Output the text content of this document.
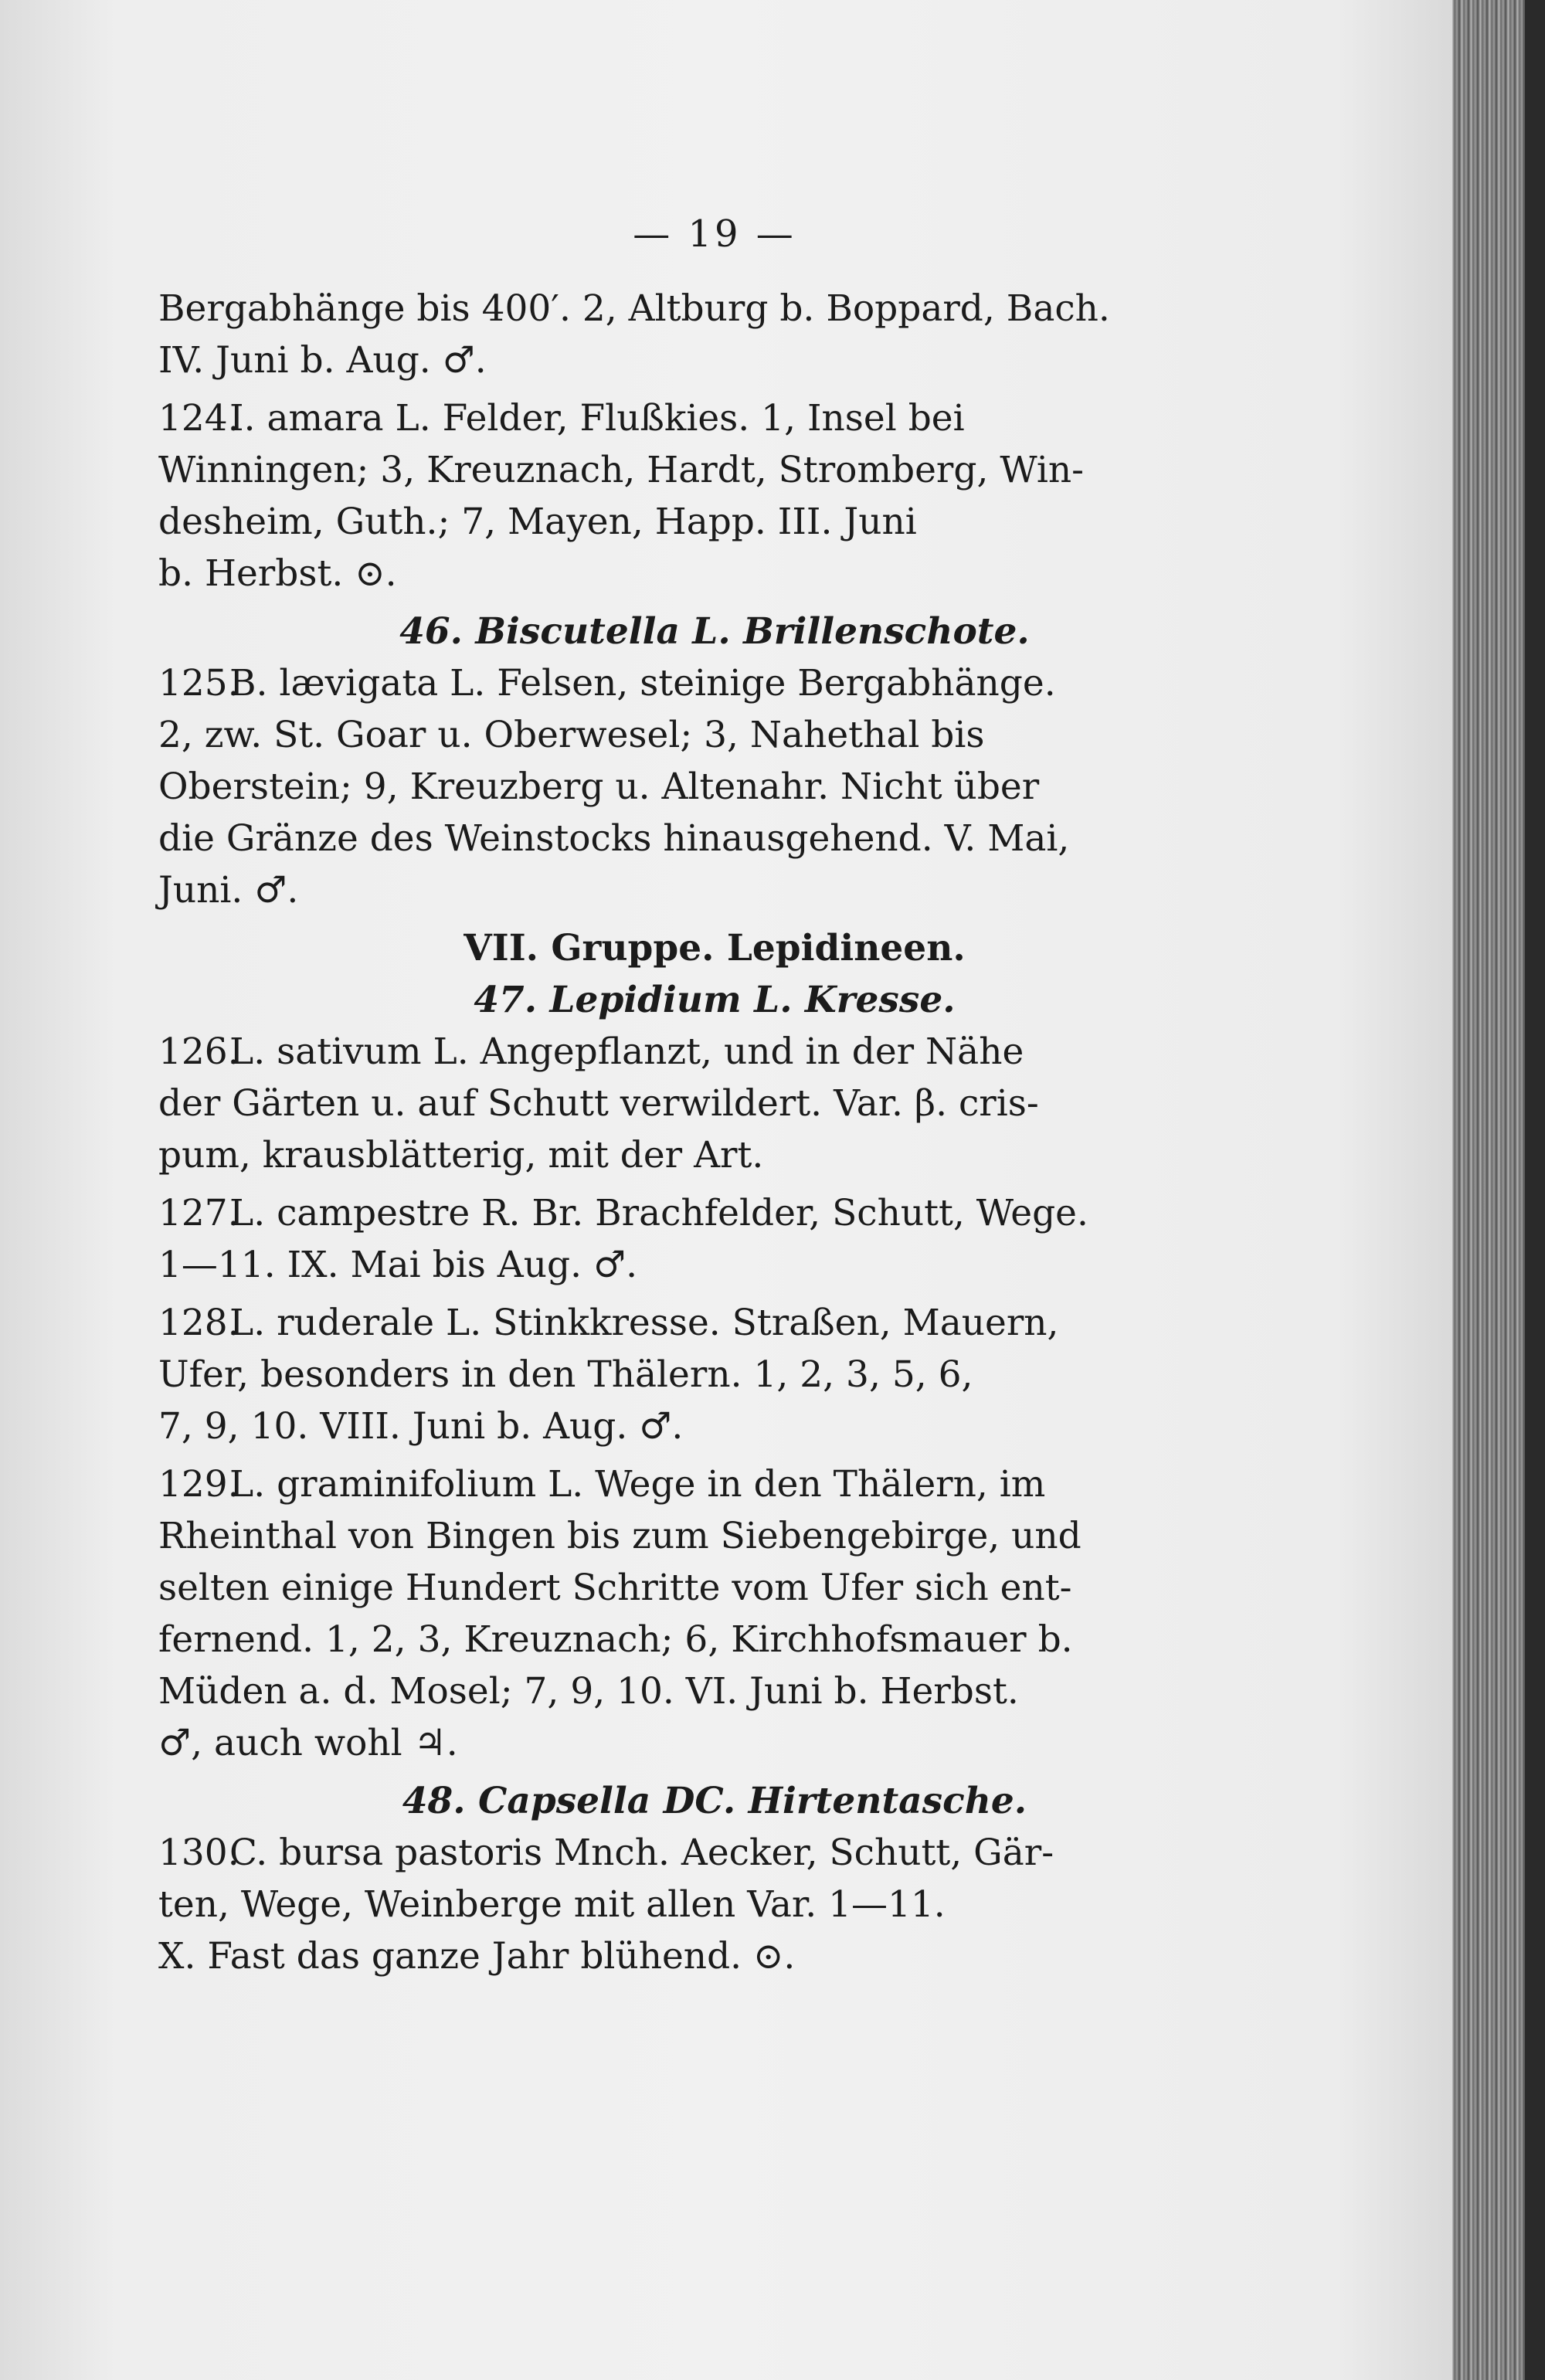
— 19 —
Bergabhänge bis 400′. 2, Altburg b. Boppard, Bach.
IV. Juni b. Aug. ♂.
124.I. amara L. Felder, Flußkies. 1, Insel bei
Winningen; 3, Kreuznach, Hardt, Stromberg, Win-
desheim, Guth.; 7, Mayen, Happ. III. Juni
b. Herbst. ⊙.
46. Biscutella L. Brillenschote.
125.B. lævigata L. Felsen, steinige Bergabhänge.
2, zw. St. Goar u. Oberwesel; 3, Nahethal bis
Oberstein; 9, Kreuzberg u. Altenahr. Nicht über
die Gränze des Weinstocks hinausgehend. V. Mai,
Juni. ♂.
VII. Gruppe. Lepidineen.
47. Lepidium L. Kresse.
126.L. sativum L. Angepflanzt, und in der Nähe
der Gärten u. auf Schutt verwildert. Var. β. cris-
pum, krausblätterig, mit der Art.
127.L. campestre R. Br. Brachfelder, Schutt, Wege.
1—11. IX. Mai bis Aug. ♂.
128.L. ruderale L. Stinkkresse. Straßen, Mauern,
Ufer, besonders in den Thälern. 1, 2, 3, 5, 6,
7, 9, 10. VIII. Juni b. Aug. ♂.
129.L. graminifolium L. Wege in den Thälern, im
Rheinthal von Bingen bis zum Siebengebirge, und
selten einige Hundert Schritte vom Ufer sich ent-
fernend. 1, 2, 3, Kreuznach; 6, Kirchhofsmauer b.
Müden a. d. Mosel; 7, 9, 10. VI. Juni b. Herbst.
♂, auch wohl ♃.
48. Capsella DC. Hirtentasche.
130.C. bursa pastoris Mnch. Aecker, Schutt, Gär-
ten, Wege, Weinberge mit allen Var. 1—11.
X. Fast das ganze Jahr blühend. ⊙.
